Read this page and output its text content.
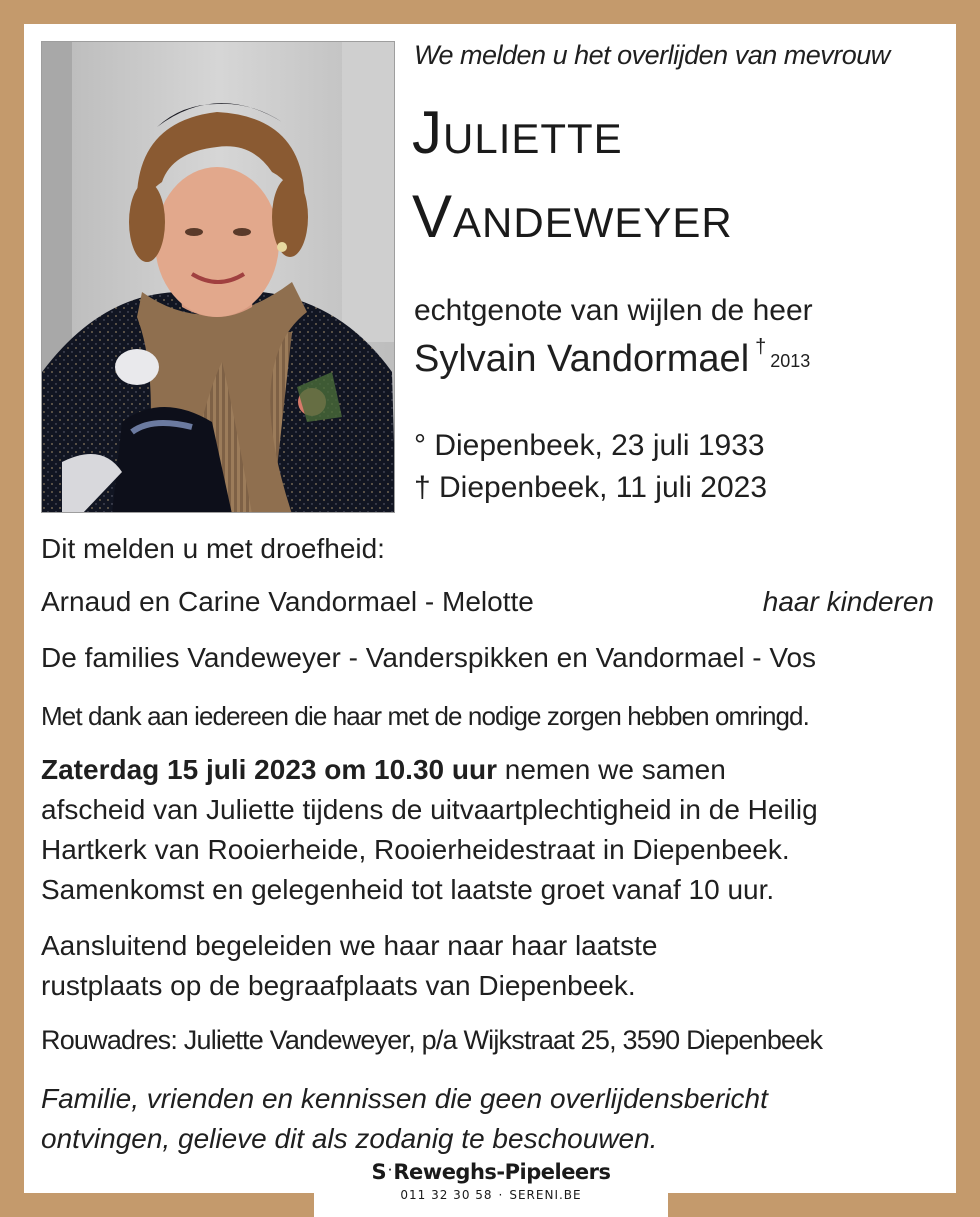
We melden u het overlijden van mevrouw
Juliette
Vandeweyer
echtgenote van wijlen de heer
Sylvain Vandormael †2013
° Diepenbeek, 23 juli 1933
† Diepenbeek, 11 juli 2023
Dit melden u met droefheid:
Arnaud en Carine Vandormael - Melotte	haar kinderen
De families Vandeweyer - Vanderspikken en Vandormael - Vos
Met dank aan iedereen die haar met de nodige zorgen hebben omringd.
Zaterdag 15 juli 2023 om 10.30 uur nemen we samen
afscheid van Juliette tijdens de uitvaartplechtigheid in de Heilig
Hartkerk van Rooierheide, Rooierheidestraat in Diepenbeek.
Samenkomst en gelegenheid tot laatste groet vanaf 10 uur.
Aansluitend begeleiden we haar naar haar laatste
rustplaats op de begraafplaats van Diepenbeek.
Rouwadres: Juliette Vandeweyer, p/a Wijkstraat 25, 3590 Diepenbeek
Familie, vrienden en kennissen die geen overlijdensbericht
ontvingen, gelieve dit als zodanig te beschouwen.
S ·Reweghs-Pipeleers
011 32 30 58 · SERENI.BE
